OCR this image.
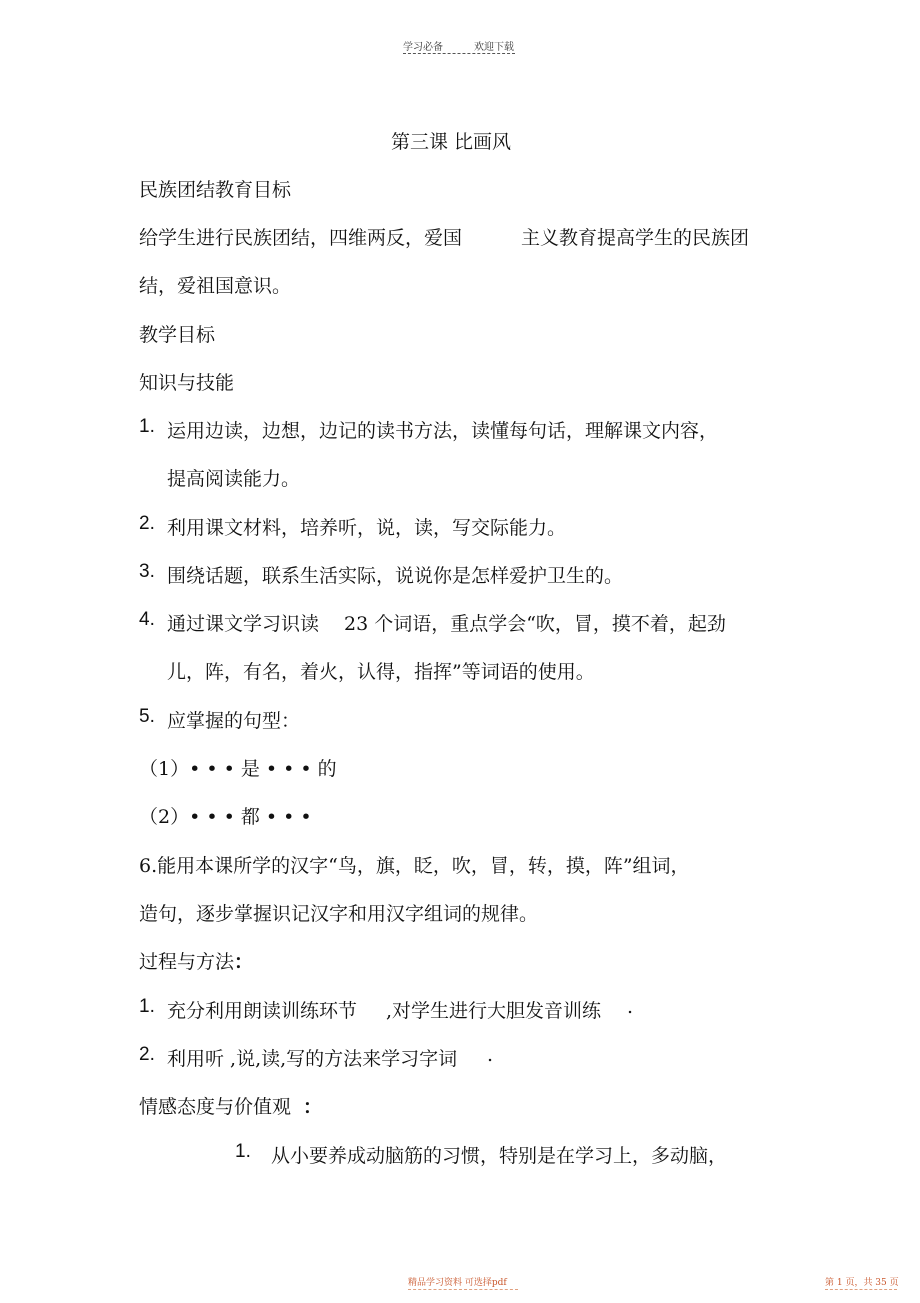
学习必备	欢迎下载
第三课 比画风
民族团结教育目标
给学生进行民族团结，四维两反，爱国	主义教育提高学生的民族团
结，爱祖国意识。
教学目标
知识与技能
1. 运用边读，边想，边记的读书方法，读懂每句话，理解课文内容，
提高阅读能力。
2. 利用课文材料，培养听，说，读，写交际能力。
3. 围绕话题，联系生活实际，说说你是怎样爱护卫生的。
4. 通过课文学习识读 23 个词语，重点学会“吹，冒，摸不着，起劲
儿，阵，有名，着火，认得，指挥”等词语的使用。
5. 应掌握的句型：
（1）• • • 是 • • • 的
（2）• • • 都 • • •
6.能用本课所学的汉字“鸟，旗，眨，吹，冒，转，摸，阵”组词，
造句，逐步掌握识记汉字和用汉字组词的规律。
过程与方法：
1. 充分利用朗读训练环节 ,对学生进行大胆发音训练 .
2. 利用听 ,说,读,写的方法来学习字词 .
情感态度与价值观 ：
1. 从小要养成动脑筋的习惯，特别是在学习上，多动脑，
精品学习资料 可选择pdf	第 1 页，共 35 页
